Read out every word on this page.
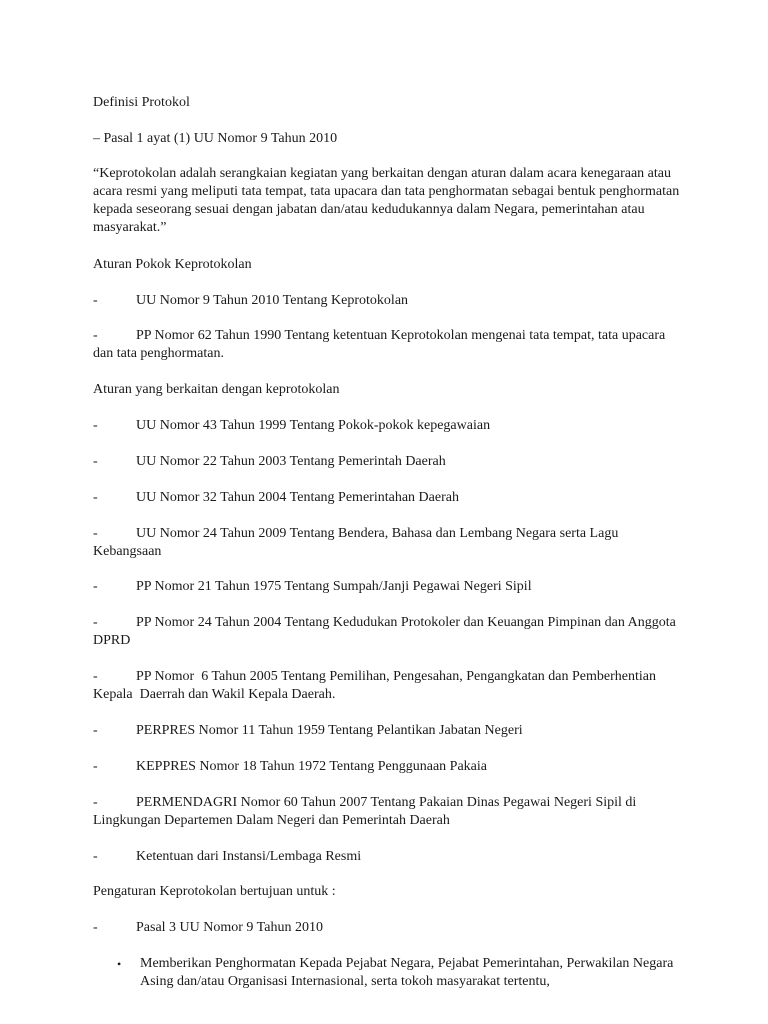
Definisi Protokol
– Pasal 1 ayat (1) UU Nomor 9 Tahun 2010
“Keprotokolan adalah serangkaian kegiatan yang berkaitan dengan aturan dalam acara kenegaraan atau acara resmi yang meliputi tata tempat, tata upacara dan tata penghormatan sebagai bentuk penghormatan kepada seseorang sesuai dengan jabatan dan/atau kedudukannya dalam Negara, pemerintahan atau masyarakat.”
Aturan Pokok Keprotokolan
-	UU Nomor 9 Tahun 2010 Tentang Keprotokolan
-	PP Nomor 62 Tahun 1990 Tentang ketentuan Keprotokolan mengenai tata tempat, tata upacara dan tata penghormatan.
Aturan yang berkaitan dengan keprotokolan
-	UU Nomor 43 Tahun 1999 Tentang Pokok-pokok kepegawaian
-	UU Nomor 22 Tahun 2003 Tentang Pemerintah Daerah
-	UU Nomor 32 Tahun 2004 Tentang Pemerintahan Daerah
-	UU Nomor 24 Tahun 2009 Tentang Bendera, Bahasa dan Lembang Negara serta Lagu Kebangsaan
-	PP Nomor 21 Tahun 1975 Tentang Sumpah/Janji Pegawai Negeri Sipil
-	PP Nomor 24 Tahun 2004 Tentang Kedudukan Protokoler dan Keuangan Pimpinan dan Anggota DPRD
-	PP Nomor  6 Tahun 2005 Tentang Pemilihan, Pengesahan, Pengangkatan dan Pemberhentian Kepala  Daerrah dan Wakil Kepala Daerah.
-	PERPRES Nomor 11 Tahun 1959 Tentang Pelantikan Jabatan Negeri
-	KEPPRES Nomor 18 Tahun 1972 Tentang Penggunaan Pakaia
-	PERMENDAGRI Nomor 60 Tahun 2007 Tentang Pakaian Dinas Pegawai Negeri Sipil di Lingkungan Departemen Dalam Negeri dan Pemerintah Daerah
-	Ketentuan dari Instansi/Lembaga Resmi
Pengaturan Keprotokolan bertujuan untuk :
-	Pasal 3 UU Nomor 9 Tahun 2010
•	Memberikan Penghormatan Kepada Pejabat Negara, Pejabat Pemerintahan, Perwakilan Negara Asing dan/atau Organisasi Internasional, serta tokoh masyarakat tertentu,
